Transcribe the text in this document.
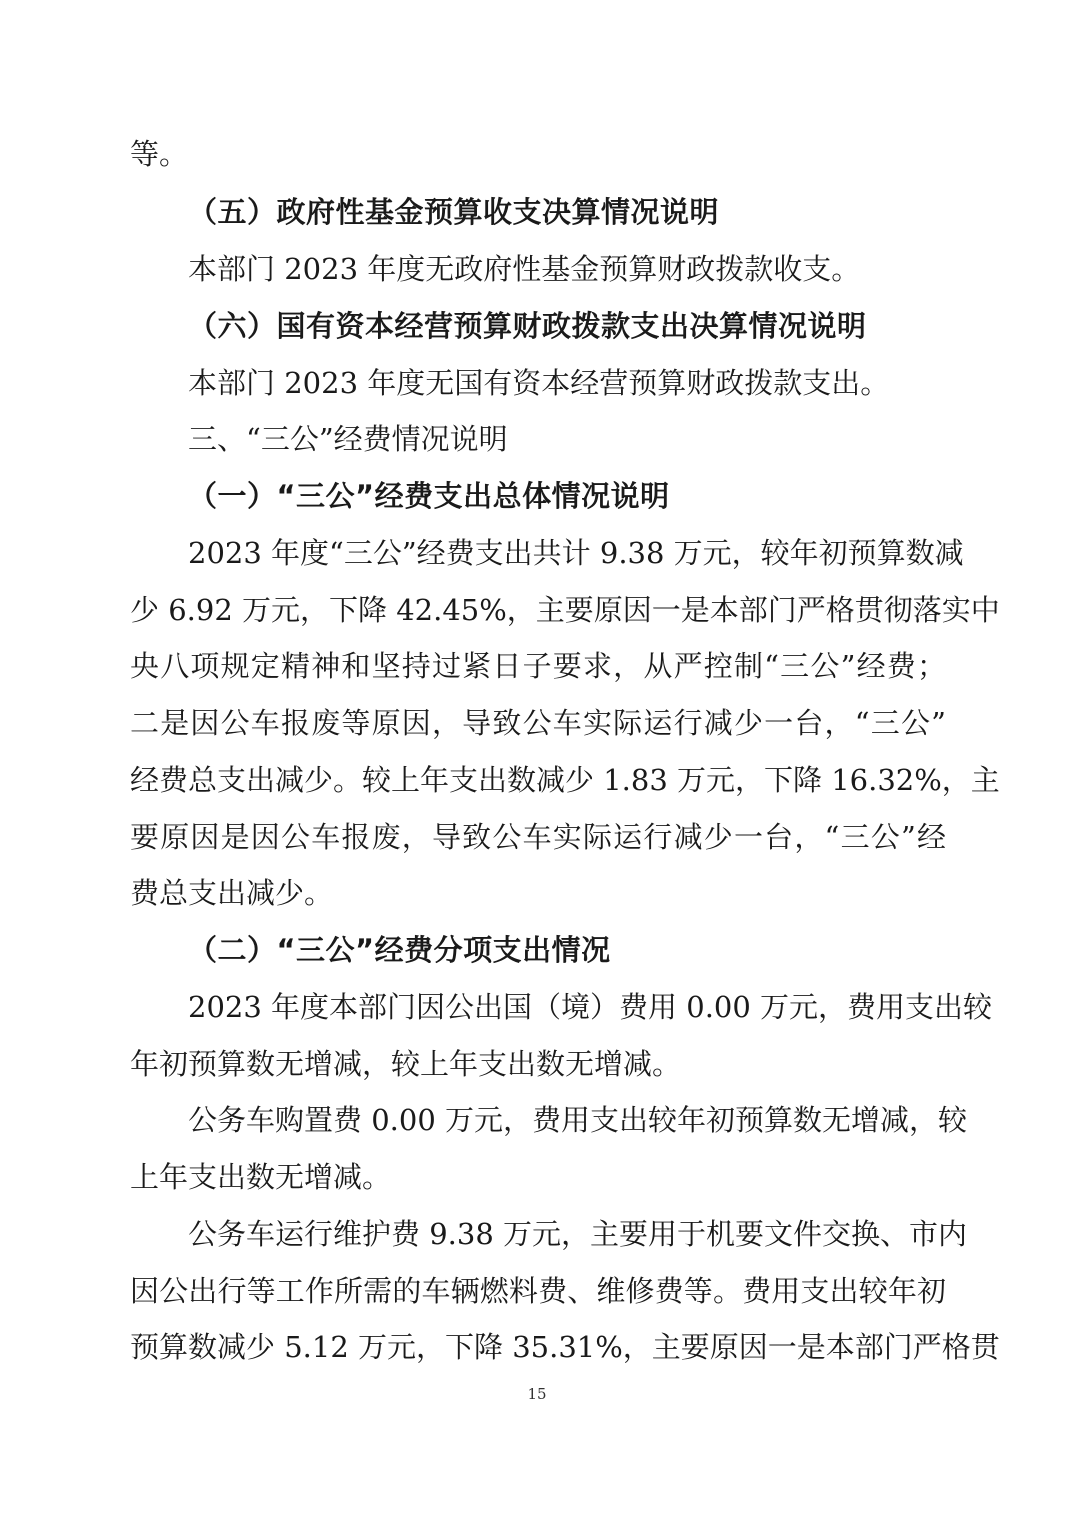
等。
（五）政府性基金预算收支决算情况说明
本部门 2023 年度无政府性基金预算财政拨款收支。
（六）国有资本经营预算财政拨款支出决算情况说明
本部门 2023 年度无国有资本经营预算财政拨款支出。
三、“三公”经费情况说明
（一）“三公”经费支出总体情况说明
2023 年度“三公”经费支出共计 9.38 万元，较年初预算数减
少 6.92 万元，下降 42.45%，主要原因一是本部门严格贯彻落实中
央八项规定精神和坚持过紧日子要求，从严控制“三公”经费；
二是因公车报废等原因，导致公车实际运行减少一台，“三公”
经费总支出减少。较上年支出数减少 1.83 万元，下降 16.32%，主
要原因是因公车报废，导致公车实际运行减少一台，“三公”经
费总支出减少。
（二）“三公”经费分项支出情况
2023 年度本部门因公出国（境）费用 0.00 万元，费用支出较
年初预算数无增减，较上年支出数无增减。
公务车购置费 0.00 万元，费用支出较年初预算数无增减，较
上年支出数无增减。
公务车运行维护费 9.38 万元，主要用于机要文件交换、市内
因公出行等工作所需的车辆燃料费、维修费等。费用支出较年初
预算数减少 5.12 万元，下降 35.31%，主要原因一是本部门严格贯
15
